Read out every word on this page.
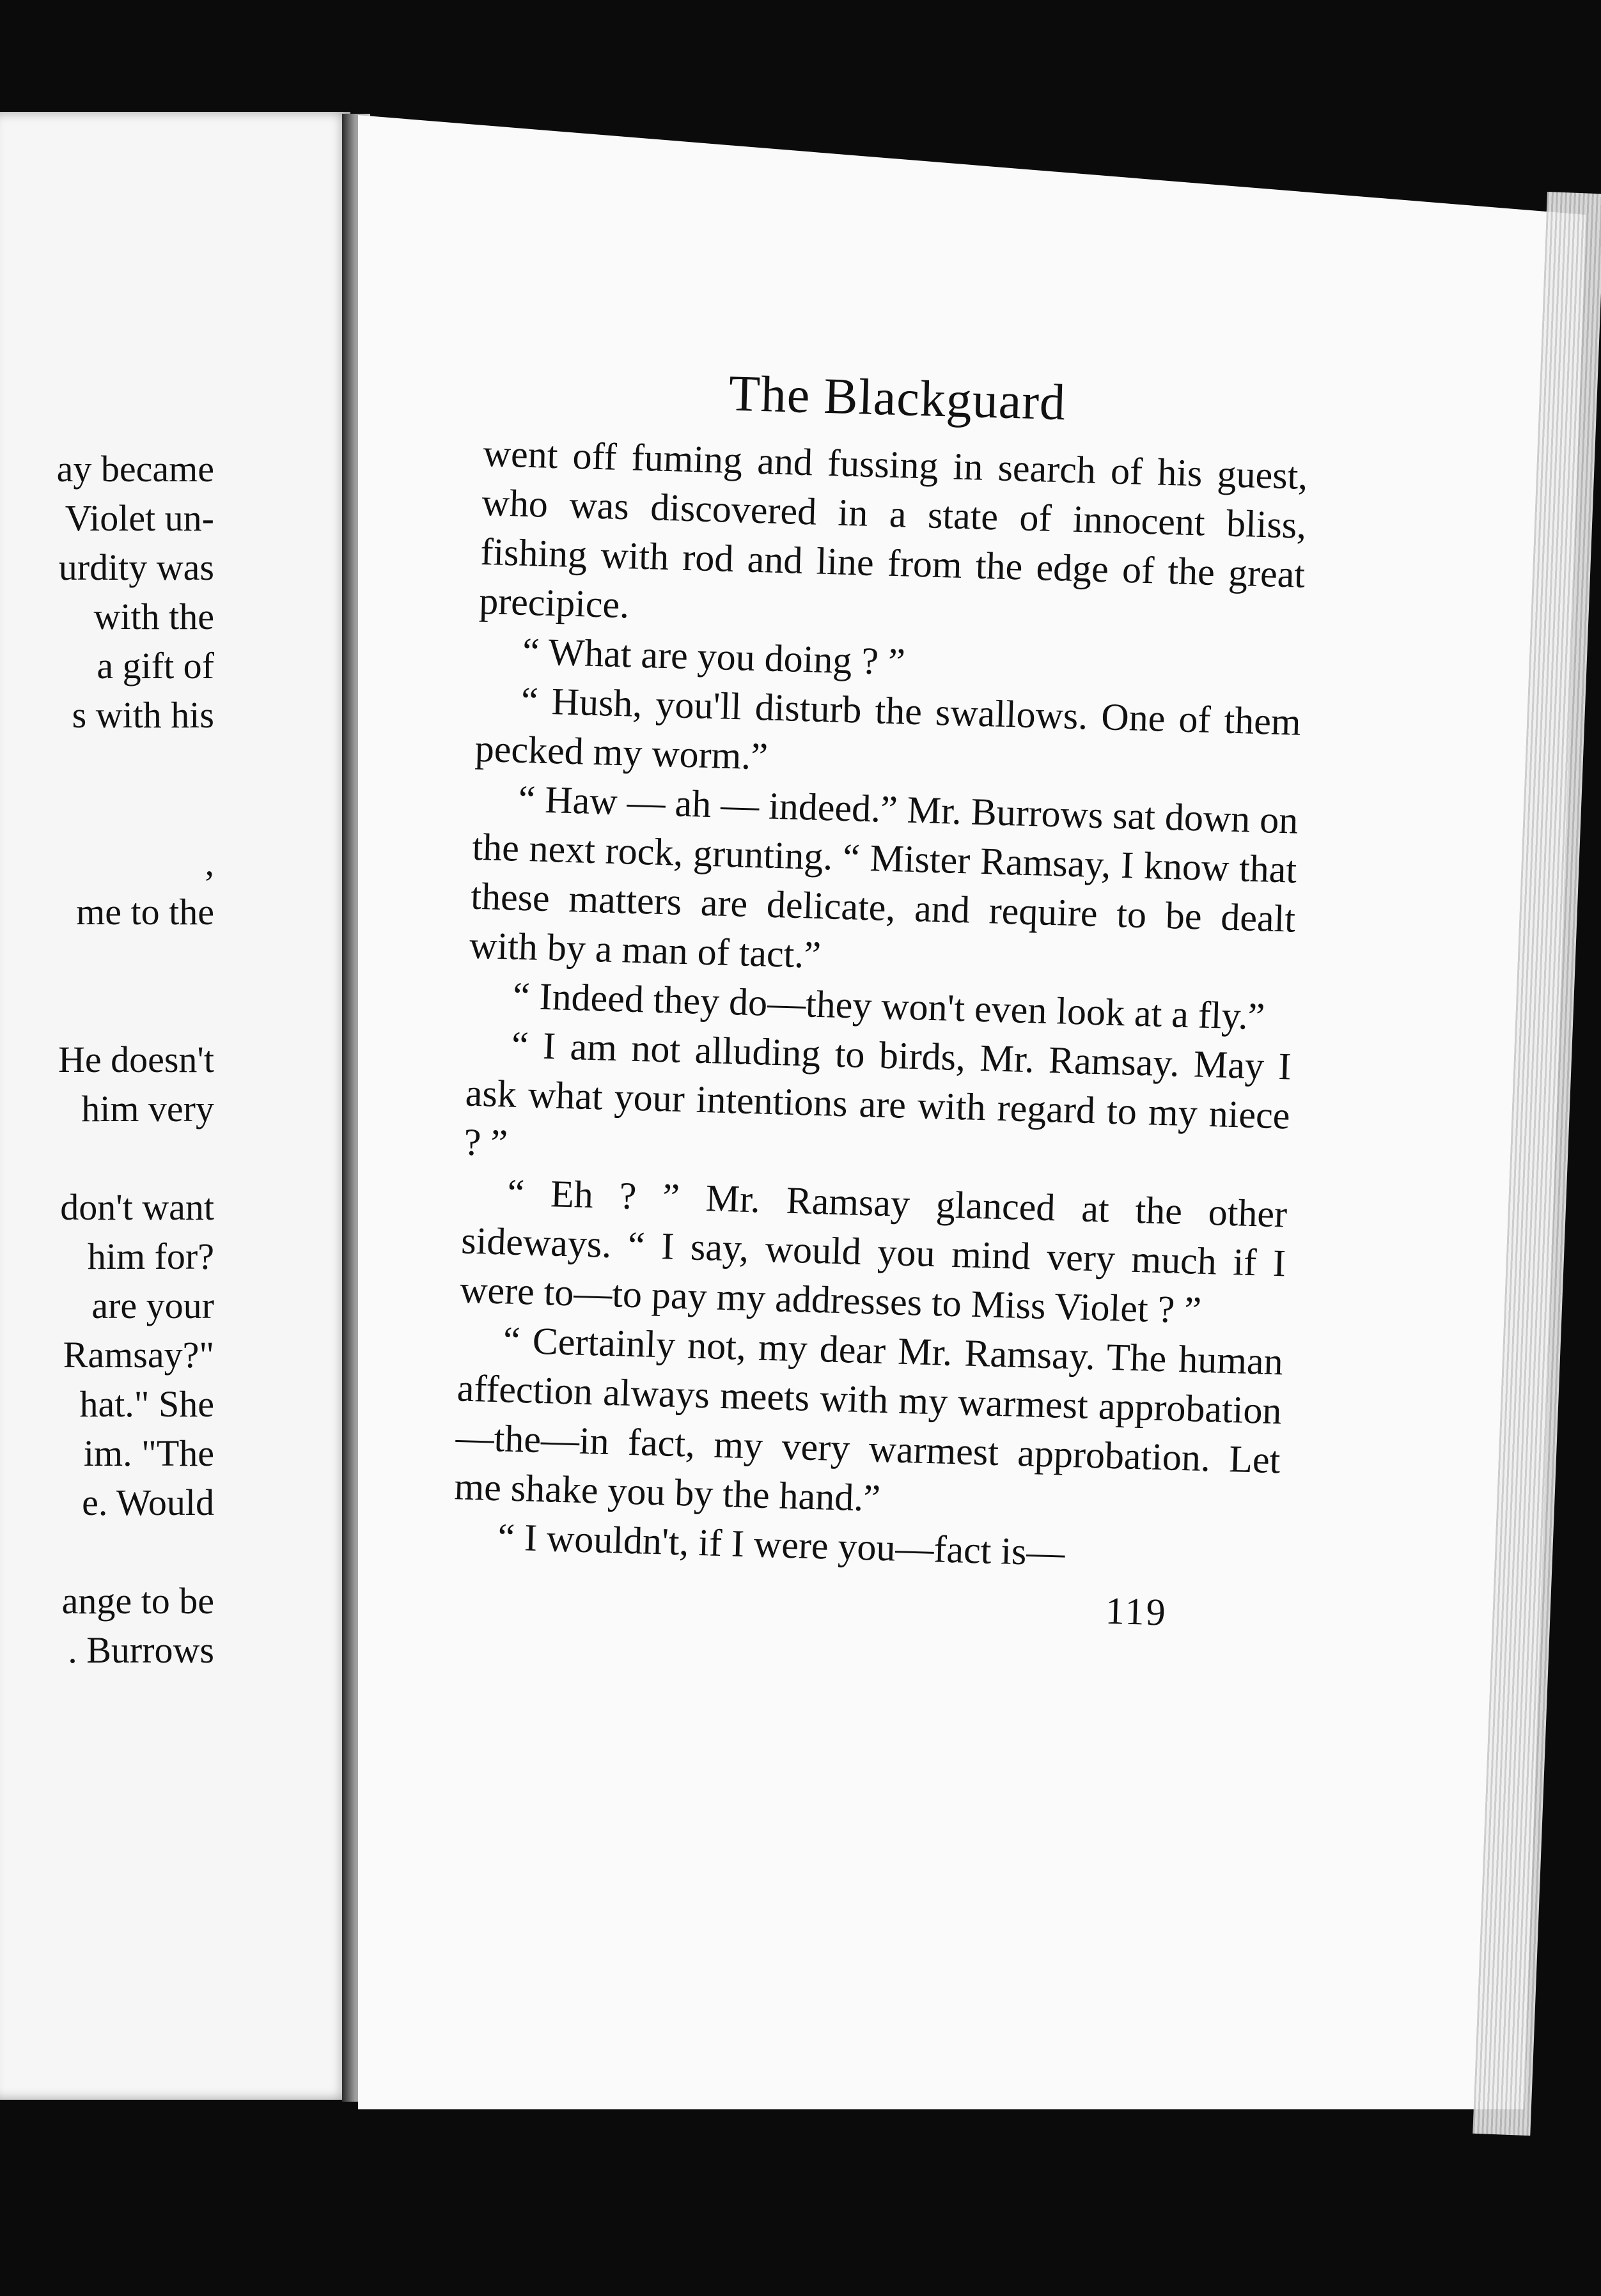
ay became
Violet un-
urdity was
with the
a gift of
s with his
,
me to the
He doesn't
him very
don't want
him for?
are your
Ramsay?"
hat." She
im. "The
e. Would
ange to be
. Burrows
The Blackguard

went off fuming and fussing in search of his guest, who was discovered in a state of innocent bliss, fishing with rod and line from the edge of the great precipice.

“ What are you doing ? ”

“ Hush, you'll disturb the swallows. One of them pecked my worm.”

“ Haw — ah — indeed.” Mr. Burrows sat down on the next rock, grunting. “ Mister Ramsay, I know that these matters are delicate, and require to be dealt with by a man of tact.”

“ Indeed they do—they won't even look at a fly.”

“ I am not alluding to birds, Mr. Ramsay. May I ask what your intentions are with regard to my niece ? ”

“ Eh ? ” Mr. Ramsay glanced at the other sideways. “ I say, would you mind very much if I were to—to pay my addresses to Miss Violet ? ”

“ Certainly not, my dear Mr. Ramsay. The human affection always meets with my warmest approbation—the—in fact, my very warmest approbation. Let me shake you by the hand.”

“ I wouldn't, if I were you—fact is—

119
